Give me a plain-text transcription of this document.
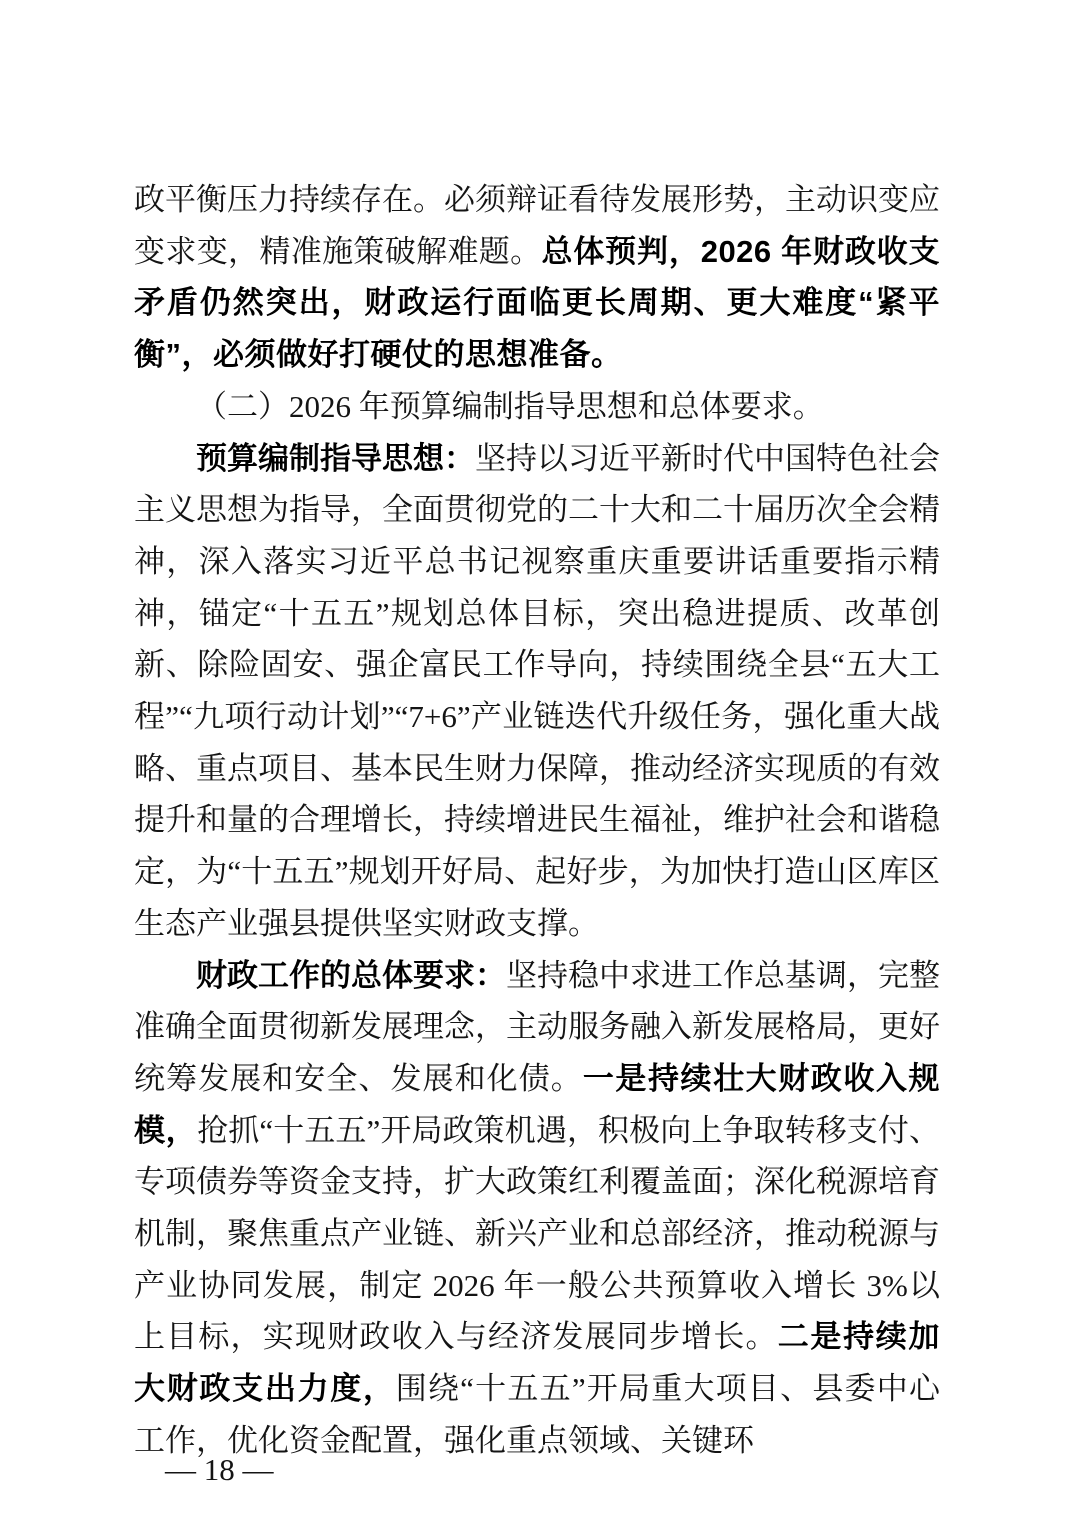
政平衡压力持续存在。必须辩证看待发展形势，主动识变应变求变，精准施策破解难题。总体预判，2026 年财政收支矛盾仍然突出，财政运行面临更长周期、更大难度“紧平衡”，必须做好打硬仗的思想准备。

（二）2026 年预算编制指导思想和总体要求。

预算编制指导思想：坚持以习近平新时代中国特色社会主义思想为指导，全面贯彻党的二十大和二十届历次全会精神，深入落实习近平总书记视察重庆重要讲话重要指示精神，锚定“十五五”规划总体目标，突出稳进提质、改革创新、除险固安、强企富民工作导向，持续围绕全县“五大工程”“九项行动计划”“7+6”产业链迭代升级任务，强化重大战略、重点项目、基本民生财力保障，推动经济实现质的有效提升和量的合理增长，持续增进民生福祉，维护社会和谐稳定，为“十五五”规划开好局、起好步，为加快打造山区库区生态产业强县提供坚实财政支撑。

财政工作的总体要求：坚持稳中求进工作总基调，完整准确全面贯彻新发展理念，主动服务融入新发展格局，更好统筹发展和安全、发展和化债。一是持续壮大财政收入规模，抢抓“十五五”开局政策机遇，积极向上争取转移支付、专项债券等资金支持，扩大政策红利覆盖面；深化税源培育机制，聚焦重点产业链、新兴产业和总部经济，推动税源与产业协同发展，制定 2026 年一般公共预算收入增长 3%以上目标，实现财政收入与经济发展同步增长。二是持续加大财政支出力度，围绕“十五五”开局重大项目、县委中心工作，优化资金配置，强化重点领域、关键环

— 18 —
